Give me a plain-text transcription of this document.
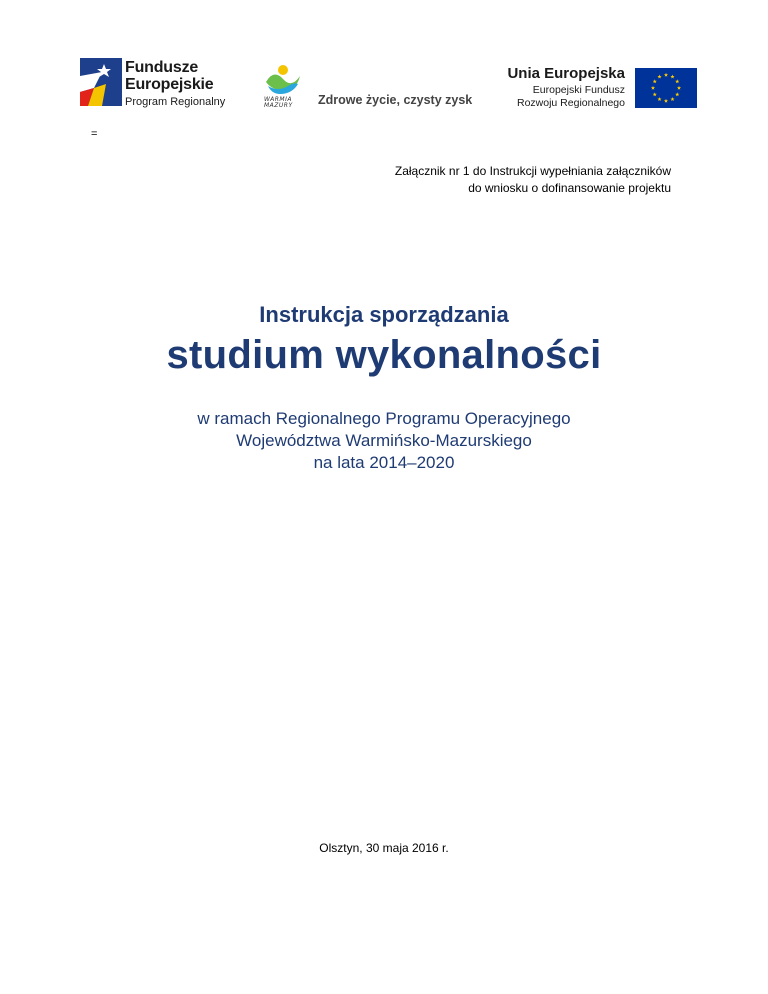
Fundusze
Europejskie
Program Regionalny	WARMIA MAZURY	Zdrowe życie, czysty zysk
Unia Europejska
Europejski Fundusz
Rozwoju Regionalnego
=
Załącznik nr 1 do Instrukcji wypełniania załączników
do wniosku o dofinansowanie projektu
Instrukcja sporządzania
studium wykonalności
w ramach Regionalnego Programu Operacyjnego
Województwa Warmińsko-Mazurskiego
na lata 2014–2020
Olsztyn, 30 maja 2016 r.
